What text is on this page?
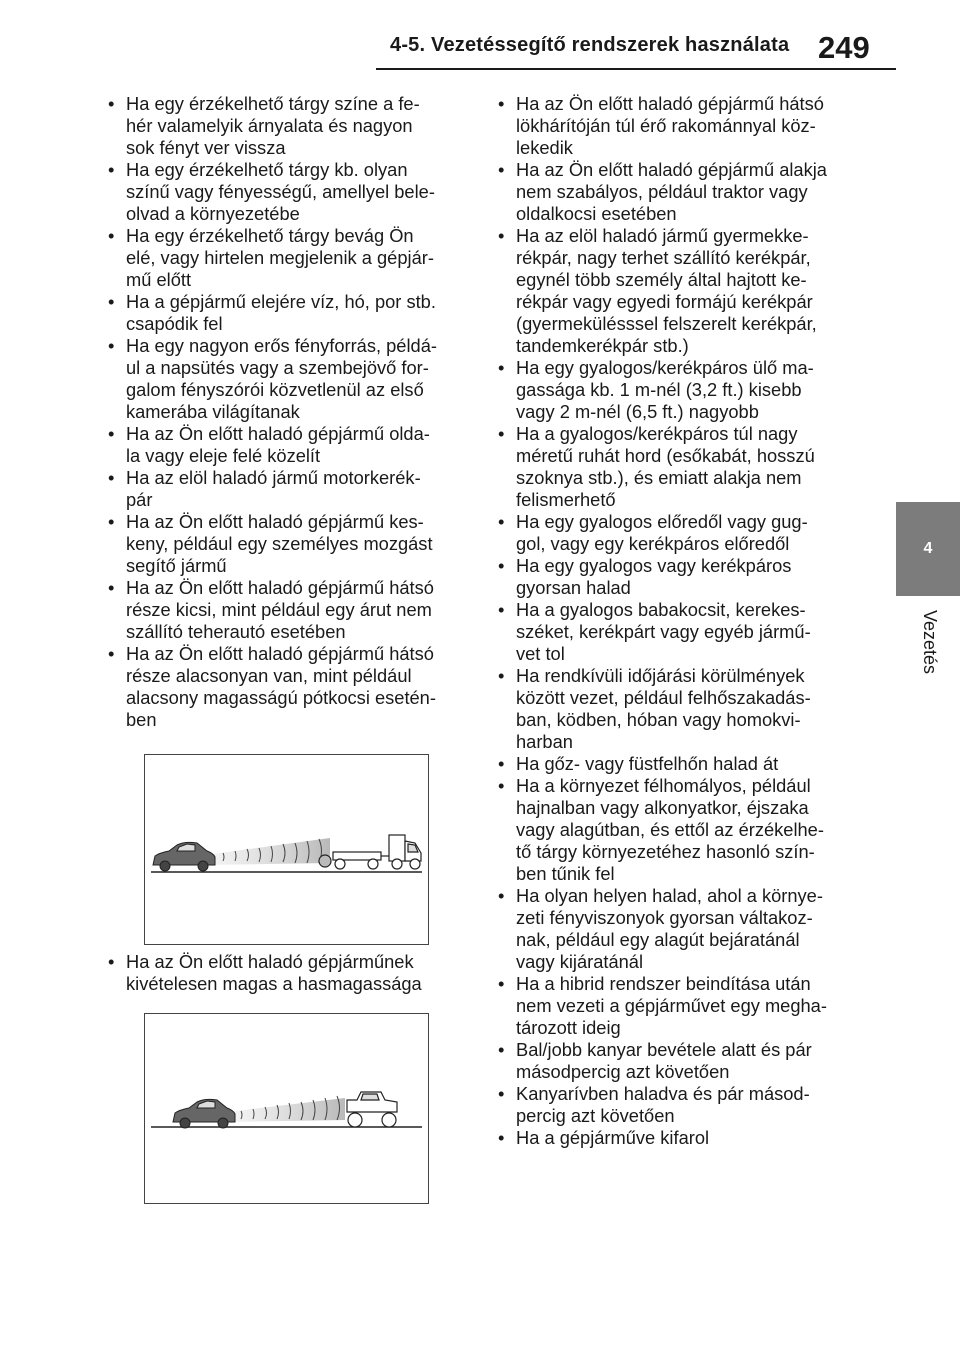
4-5. Vezetéssegítő rendszerek használata 249
4
Vezetés
• Ha egy érzékelhető tárgy színe a fe-
hér valamelyik árnyalata és nagyon
sok fényt ver vissza
• Ha egy érzékelhető tárgy kb. olyan
színű vagy fényességű, amellyel bele-
olvad a környezetébe
• Ha egy érzékelhető tárgy bevág Ön
elé, vagy hirtelen megjelenik a gépjár-
mű előtt
• Ha a gépjármű elejére víz, hó, por stb.
csapódik fel
• Ha egy nagyon erős fényforrás, példá-
ul a napsütés vagy a szembejövő for-
galom fényszórói közvetlenül az első
kamerába világítanak
• Ha az Ön előtt haladó gépjármű olda-
la vagy eleje felé közelít
• Ha az elöl haladó jármű motorkerék-
pár
• Ha az Ön előtt haladó gépjármű kes-
keny, például egy személyes mozgást
segítő jármű
• Ha az Ön előtt haladó gépjármű hátsó
része kicsi, mint például egy árut nem
szállító teherautó esetében
• Ha az Ön előtt haladó gépjármű hátsó
része alacsonyan van, mint például
alacsony magasságú pótkocsi esetén-
ben
• Ha az Ön előtt haladó gépjárműnek
kivételesen magas a hasmagassága
• Ha az Ön előtt haladó gépjármű hátsó
lökhárítóján túl érő rakománnyal köz-
lekedik
• Ha az Ön előtt haladó gépjármű alakja
nem szabályos, például traktor vagy
oldalkocsi esetében
• Ha az elöl haladó jármű gyermekke-
rékpár, nagy terhet szállító kerékpár,
egynél több személy által hajtott ke-
rékpár vagy egyedi formájú kerékpár
(gyermekülésssel felszerelt kerékpár,
tandemkerékpár stb.)
• Ha egy gyalogos/kerékpáros ülő ma-
gassága kb. 1 m-nél (3,2 ft.) kisebb
vagy 2 m-nél (6,5 ft.) nagyobb
• Ha a gyalogos/kerékpáros túl nagy
méretű ruhát hord (esőkabát, hosszú
szoknya stb.), és emiatt alakja nem
felismerhető
• Ha egy gyalogos előredől vagy gug-
gol, vagy egy kerékpáros előredől
• Ha egy gyalogos vagy kerékpáros
gyorsan halad
• Ha a gyalogos babakocsit, kerekes-
széket, kerékpárt vagy egyéb jármű-
vet tol
• Ha rendkívüli időjárási körülmények
között vezet, például felhőszakadás-
ban, ködben, hóban vagy homokvi-
harban
• Ha gőz- vagy füstfelhőn halad át
• Ha a környezet félhomályos, például
hajnalban vagy alkonyatkor, éjszaka
vagy alagútban, és ettől az érzékelhe-
tő tárgy környezetéhez hasonló szín-
ben tűnik fel
• Ha olyan helyen halad, ahol a környe-
zeti fényviszonyok gyorsan váltakoz-
nak, például egy alagút bejáratánál
vagy kijáratánál
• Ha a hibrid rendszer beindítása után
nem vezeti a gépjárművet egy megha-
tározott ideig
• Bal/jobb kanyar bevétele alatt és pár
másodpercig azt követően
• Kanyarívben haladva és pár másod-
percig azt követően
• Ha a gépjárműve kifarol
